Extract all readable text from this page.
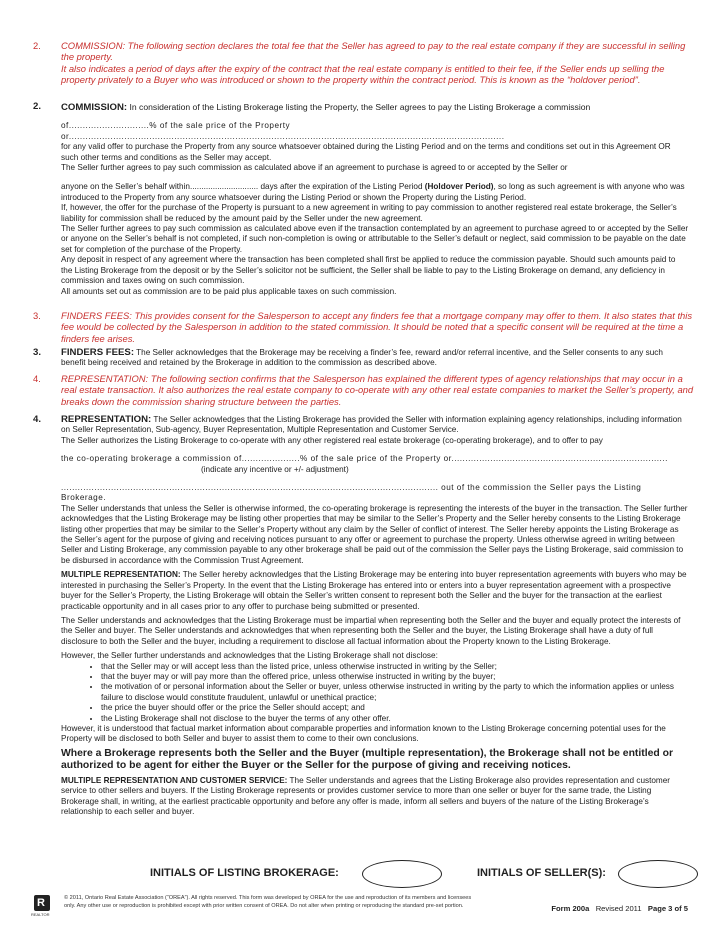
2. COMMISSION: The following section declares the total fee that the Seller has agreed to pay to the real estate company if they are successful in selling the property.

It also indicates a period of days after the expiry of the contract that the real estate company is entitled to their fee, if the Seller ends up selling the property privately to a Buyer who was introduced or shown to the property within the contract period. This is known as the “holdover period”.

2. COMMISSION: In consideration of the Listing Brokerage listing the Property, the Seller agrees to pay the Listing Brokerage a commission

of.............................% of the sale price of the Property or.............................................................................................................................................................

for any valid offer to purchase the Property from any source whatsoever obtained during the Listing Period and on the terms and conditions set out in this Agreement OR such other terms and conditions as the Seller may accept.

The Seller further agrees to pay such commission as calculated above if an agreement to purchase is agreed to or accepted by the Seller or

anyone on the Seller’s behalf within.............................. days after the expiration of the Listing Period (Holdover Period), so long as such agreement is with anyone who was introduced to the Property from any source whatsoever during the Listing Period or shown the Property during the Listing Period.

If, however, the offer for the purchase of the Property is pursuant to a new agreement in writing to pay commission to another registered real estate brokerage, the Seller’s liability for commission shall be reduced by the amount paid by the Seller under the new agreement.

The Seller further agrees to pay such commission as calculated above even if the transaction contemplated by an agreement to purchase agreed to or accepted by the Seller or anyone on the Seller’s behalf is not completed, if such non-completion is owing or attributable to the Seller’s default or neglect, said commission to be payable on the date set for completion of the purchase of the Property.

Any deposit in respect of any agreement where the transaction has been completed shall first be applied to reduce the commission payable. Should such amounts paid to the Listing Brokerage from the deposit or by the Seller’s solicitor not be sufficient, the Seller shall be liable to pay to the Listing Brokerage on demand, any deficiency in commission and taxes owing on such commission.

All amounts set out as commission are to be paid plus applicable taxes on such commission.

3. FINDERS FEES: This provides consent for the Salesperson to accept any finders fee that a mortgage company may offer to them. It also states that this fee would be collected by the Salesperson in addition to the stated commission. It should be noted that a specific consent will be required at the time a finders fee arises.

3. FINDERS FEES: The Seller acknowledges that the Brokerage may be receiving a finder’s fee, reward and/or referral incentive, and the Seller consents to any such benefit being received and retained by the Brokerage in addition to the commission as described above.

4. REPRESENTATION: The following section confirms that the Salesperson has explained the different types of agency relationships that may occur in a real estate transaction. It also authorizes the real estate company to co-operate with any other real estate companies to market the Seller’s property, and breaks down the commission sharing structure between the parties.

4. REPRESENTATION: The Seller acknowledges that the Listing Brokerage has provided the Seller with information explaining agency relationships, including information on Seller Representation, Sub-agency, Buyer Representation, Multiple Representation and Customer Service.

The Seller authorizes the Listing Brokerage to co-operate with any other registered real estate brokerage (co-operating brokerage), and to offer to pay

the co-operating brokerage a commission of.....................% of the sale price of the Property or..............................................................................

(indicate any incentive or +/- adjustment)

........................................................................................................................................ out of the commission the Seller pays the Listing Brokerage.

The Seller understands that unless the Seller is otherwise informed, the co-operating brokerage is representing the interests of the buyer in the transaction. The Seller further acknowledges that the Listing Brokerage may be listing other properties that may be similar to the Seller’s Property and the Seller hereby consents to the Listing Brokerage listing other properties that may be similar to the Seller’s Property without any claim by the Seller of conflict of interest. The Seller hereby appoints the Listing Brokerage as the Seller’s agent for the purpose of giving and receiving notices pursuant to any offer or agreement to purchase the property. Unless otherwise agreed in writing between Seller and Listing Brokerage, any commission payable to any other brokerage shall be paid out of the commission the Seller pays the Listing Brokerage, said commission to be disbursed in accordance with the Commission Trust Agreement.

MULTIPLE REPRESENTATION: The Seller hereby acknowledges that the Listing Brokerage may be entering into buyer representation agreements with buyers who may be interested in purchasing the Seller’s Property. In the event that the Listing Brokerage has entered into or enters into a buyer representation agreement with a prospective buyer for the Seller’s Property, the Listing Brokerage will obtain the Seller’s written consent to represent both the Seller and the buyer for the transaction at the earliest practicable opportunity and in all cases prior to any offer to purchase being submitted or presented.

The Seller understands and acknowledges that the Listing Brokerage must be impartial when representing both the Seller and the buyer and equally protect the interests of the Seller and buyer. The Seller understands and acknowledges that when representing both the Seller and the buyer, the Listing Brokerage shall have a duty of full disclosure to both the Seller and the buyer, including a requirement to disclose all factual information about the Property known to the Listing Brokerage.

However, the Seller further understands and acknowledges that the Listing Brokerage shall not disclose:

• that the Seller may or will accept less than the listed price, unless otherwise instructed in writing by the Seller;
• that the buyer may or will pay more than the offered price, unless otherwise instructed in writing by the buyer;
• the motivation of or personal information about the Seller or buyer, unless otherwise instructed in writing by the party to which the information applies or unless failure to disclose would constitute fraudulent, unlawful or unethical practice;
• the price the buyer should offer or the price the Seller should accept; and
• the Listing Brokerage shall not disclose to the buyer the terms of any other offer.

However, it is understood that factual market information about comparable properties and information known to the Listing Brokerage concerning potential uses for the Property will be disclosed to both Seller and buyer to assist them to come to their own conclusions.

Where a Brokerage represents both the Seller and the Buyer (multiple representation), the Brokerage shall not be entitled or authorized to be agent for either the Buyer or the Seller for the purpose of giving and receiving notices.

MULTIPLE REPRESENTATION AND CUSTOMER SERVICE: The Seller understands and agrees that the Listing Brokerage also provides representation and customer service to other sellers and buyers. If the Listing Brokerage represents or provides customer service to more than one seller or buyer for the same trade, the Listing Brokerage shall, in writing, at the earliest practicable opportunity and before any offer is made, inform all sellers and buyers of the nature of the Listing Brokerage’s relationship to each seller and buyer.

INITIALS OF LISTING BROKERAGE:	INITIALS OF SELLER(S):
R
REALTOR

© 2011, Ontario Real Estate Association (“OREA”). All rights reserved. This form was developed by OREA for the use and reproduction of its members and licensees

only. Any other use or reproduction is prohibited except with prior written consent of OREA. Do not alter when printing or reproducing the standard pre-set portion.	Form 200a Revised 2011 Page 3 of 5
